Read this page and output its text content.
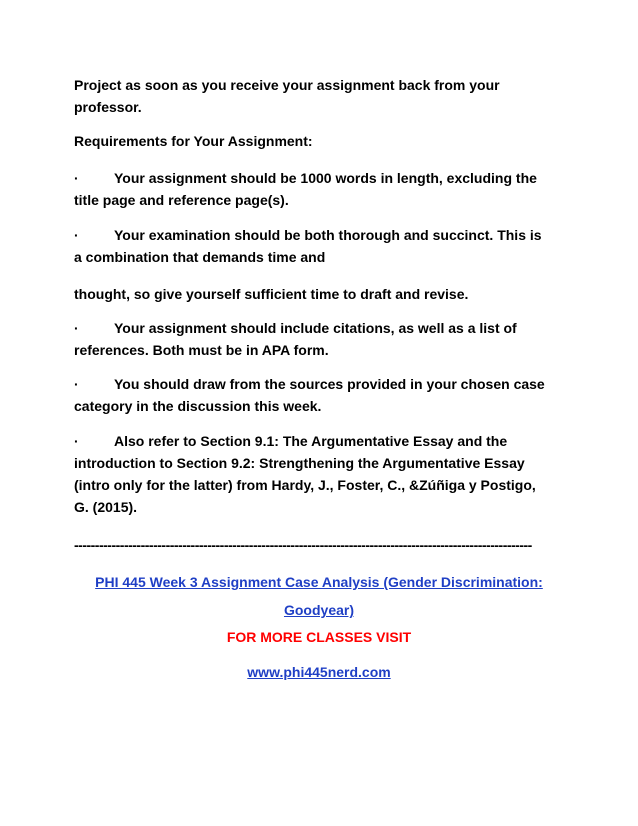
Project as soon as you receive your assignment back from your
professor.
Requirements for Your Assignment:
·	Your assignment should be 1000 words in length, excluding the
title page and reference page(s).
·	Your examination should be both thorough and succinct. This is
a combination that demands time and
thought, so give yourself sufficient time to draft and revise.
·	Your assignment should include citations, as well as a list of
references. Both must be in APA form.
·	You should draw from the sources provided in your chosen case
category in the discussion this week.
·	Also refer to Section 9.1: The Argumentative Essay and the
introduction to Section 9.2: Strengthening the Argumentative Essay
(intro only for the latter) from Hardy, J., Foster, C., &Zúñiga y Postigo,
G. (2015).
--------------------------------------------------------------------------------------------------------------
PHI 445 Week 3 Assignment Case Analysis (Gender Discrimination:
Goodyear)
FOR MORE CLASSES VISIT
www.phi445nerd.com
